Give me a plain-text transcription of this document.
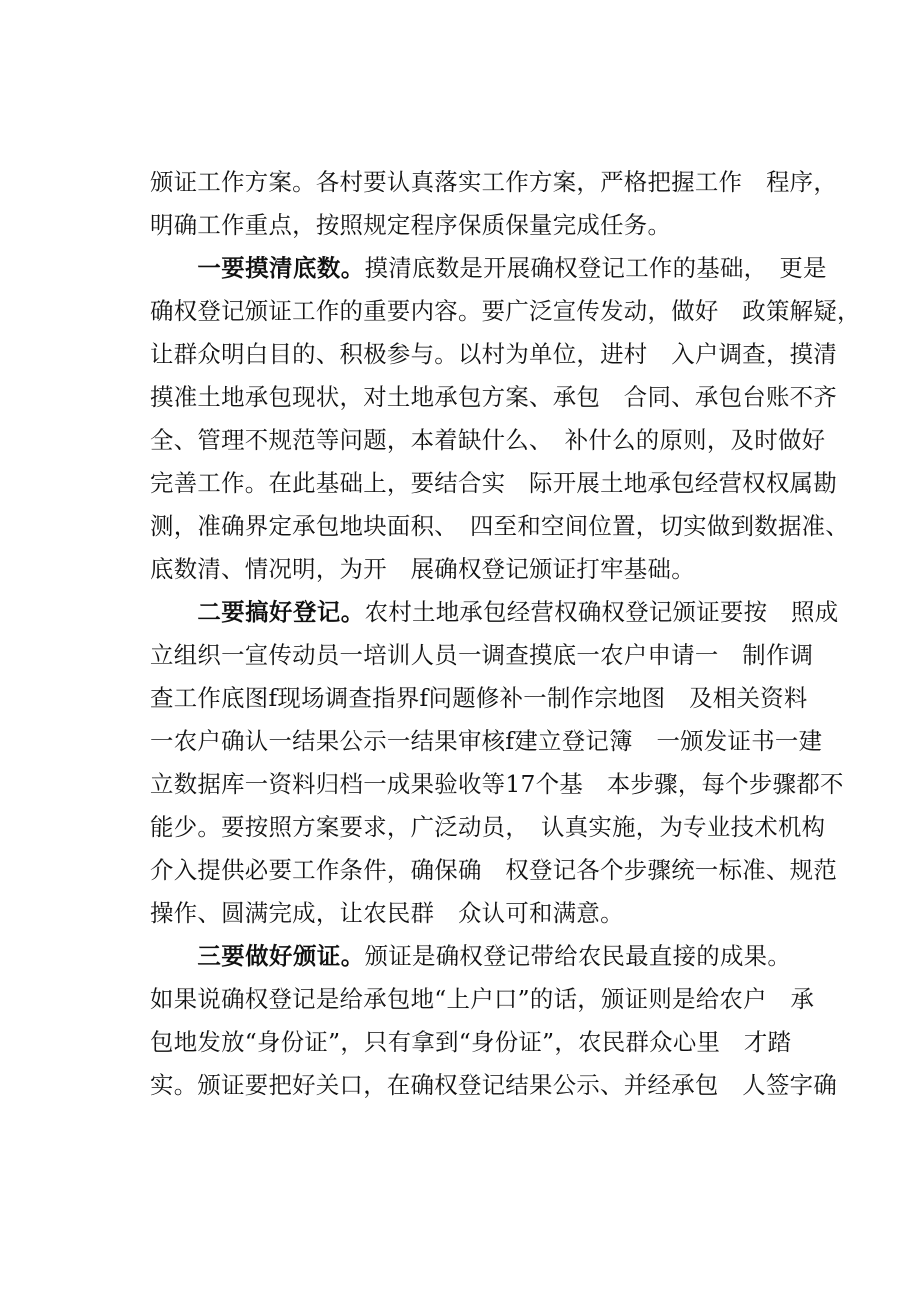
颁证工作方案。各村要认真落实工作方案，严格把握工作　程序，
明确工作重点，按照规定程序保质保量完成任务。
　　一要摸清底数。摸清底数是开展确权登记工作的基础，　更是
确权登记颁证工作的重要内容。要广泛宣传发动，做好　政策解疑，
让群众明白目的、积极参与。以村为单位，进村　入户调查，摸清
摸准土地承包现状，对土地承包方案、承包　合同、承包台账不齐
全、管理不规范等问题，本着缺什么、　补什么的原则，及时做好
完善工作。在此基础上，要结合实　际开展土地承包经营权权属勘
测，准确界定承包地块面积、　四至和空间位置，切实做到数据准、
底数清、情况明，为开　展确权登记颁证打牢基础。
　　二要搞好登记。农村土地承包经营权确权登记颁证要按　照成
立组织一宣传动员一培训人员一调查摸底一农户申请一　制作调
查工作底图f现场调查指界f问题修补一制作宗地图　及相关资料
一农户确认一结果公示一结果审核f建立登记簿　一颁发证书一建
立数据库一资料归档一成果验收等17个基　本步骤，每个步骤都不
能少。要按照方案要求，广泛动员，　认真实施，为专业技术机构
介入提供必要工作条件，确保确　权登记各个步骤统一标准、规范
操作、圆满完成，让农民群　众认可和满意。
　　三要做好颁证。颁证是确权登记带给农民最直接的成果。
如果说确权登记是给承包地“上户口”的话，颁证则是给农户　承
包地发放“身份证”，只有拿到“身份证”，农民群众心里　才踏
实。颁证要把好关口，在确权登记结果公示、并经承包　人签字确
